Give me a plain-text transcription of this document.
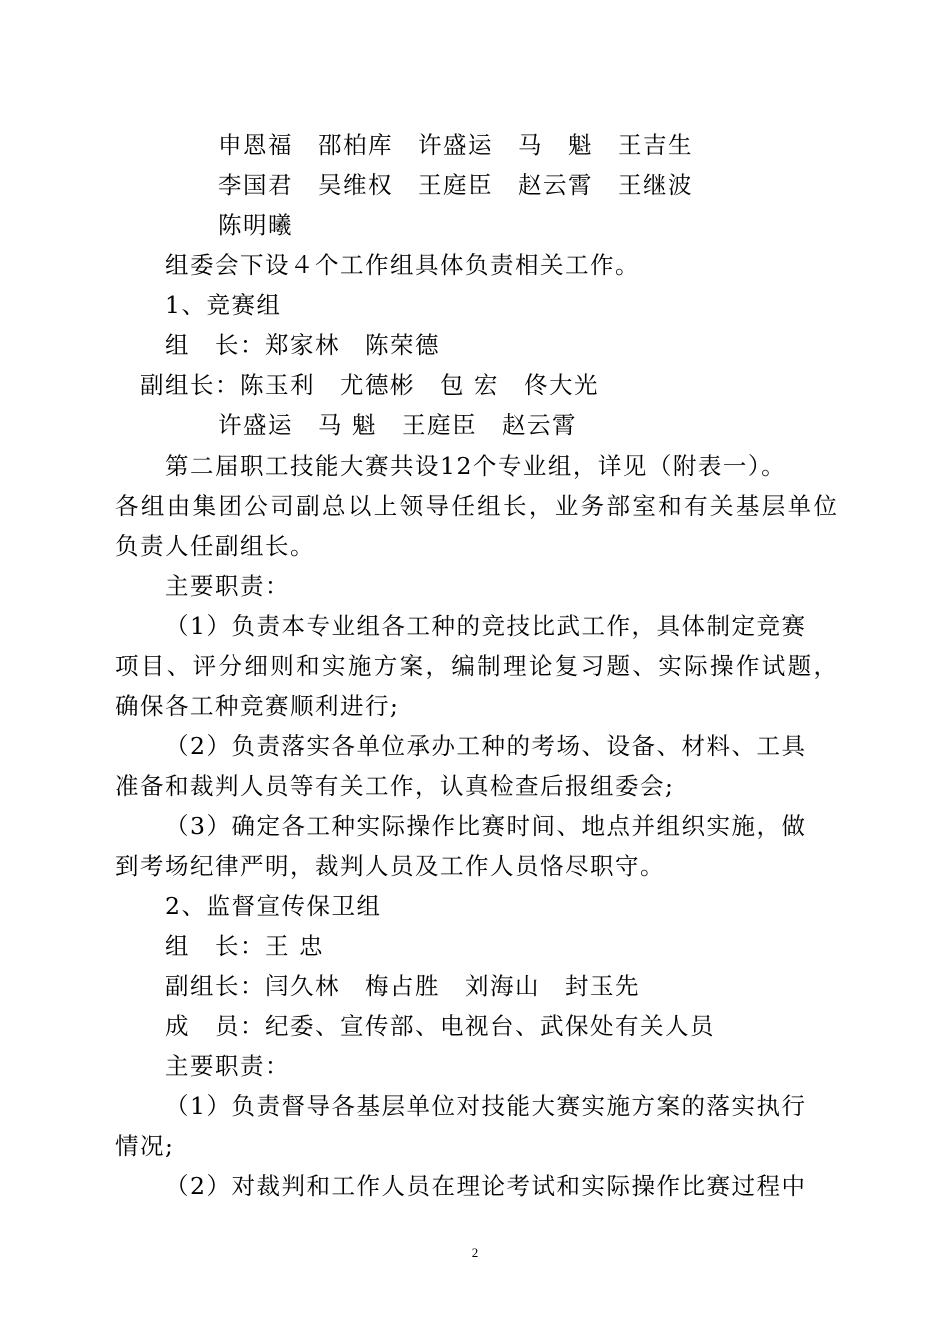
申恩福　邵柏库　许盛运　马　魁　王吉生
李国君　吴维权　王庭臣　赵云霄　王继波
陈明曦
组委会下设４个工作组具体负责相关工作。
1、竞赛组
组　长：郑家林　陈荣德
副组长：陈玉利　尤德彬　包 宏　佟大光
许盛运　马 魁　王庭臣　赵云霄
第二届职工技能大赛共设12个专业组，详见（附表一）。
各组由集团公司副总以上领导任组长，业务部室和有关基层单位
负责人任副组长。
主要职责：
（1）负责本专业组各工种的竞技比武工作，具体制定竞赛
项目、评分细则和实施方案，编制理论复习题、实际操作试题，
确保各工种竞赛顺利进行;
（2）负责落实各单位承办工种的考场、设备、材料、工具
准备和裁判人员等有关工作，认真检查后报组委会;
（3）确定各工种实际操作比赛时间、地点并组织实施，做
到考场纪律严明，裁判人员及工作人员恪尽职守。
2、监督宣传保卫组
组　长：王 忠
副组长：闫久林　梅占胜　刘海山　封玉先
成　员：纪委、宣传部、电视台、武保处有关人员
主要职责：
（1）负责督导各基层单位对技能大赛实施方案的落实执行
情况;
（2）对裁判和工作人员在理论考试和实际操作比赛过程中
2
